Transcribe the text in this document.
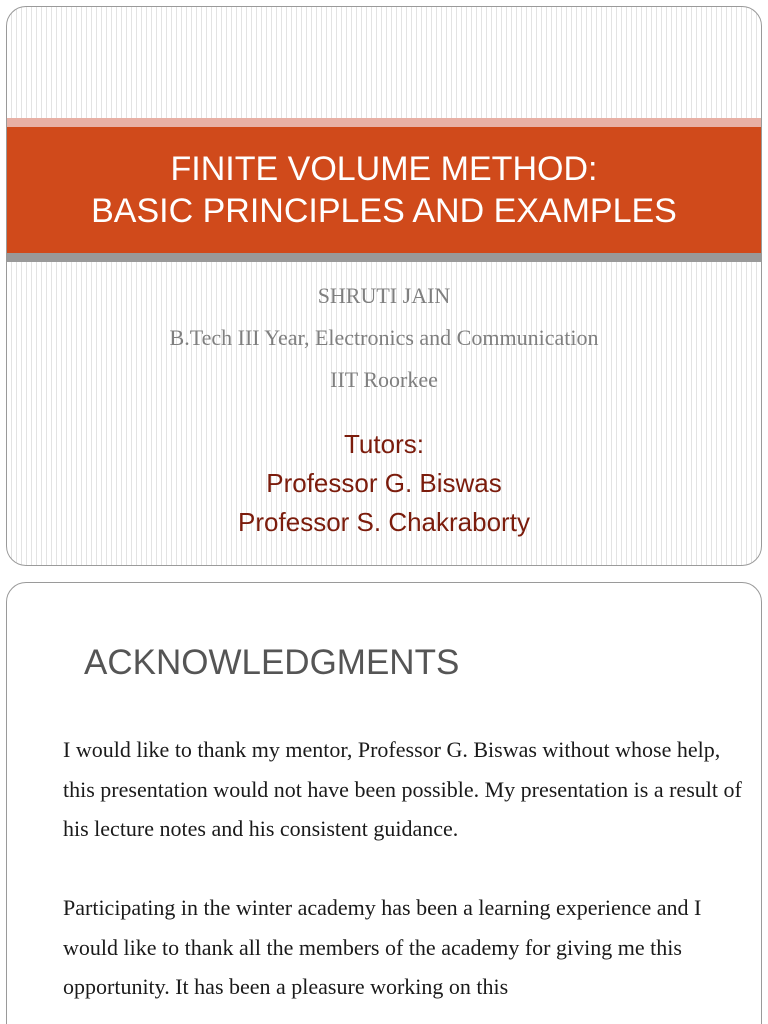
FINITE VOLUME METHOD:
BASIC PRINCIPLES AND EXAMPLES
SHRUTI JAIN
B.Tech III Year, Electronics and Communication
IIT Roorkee
Tutors:
Professor G. Biswas
Professor S. Chakraborty
ACKNOWLEDGMENTS

I would like to thank my mentor, Professor G. Biswas without whose help, this presentation would not have been possible. My presentation is a result of his lecture notes and his consistent guidance.

Participating in the winter academy has been a learning experience and I would like to thank all the members of the academy for giving me this opportunity. It has been a pleasure working on this
